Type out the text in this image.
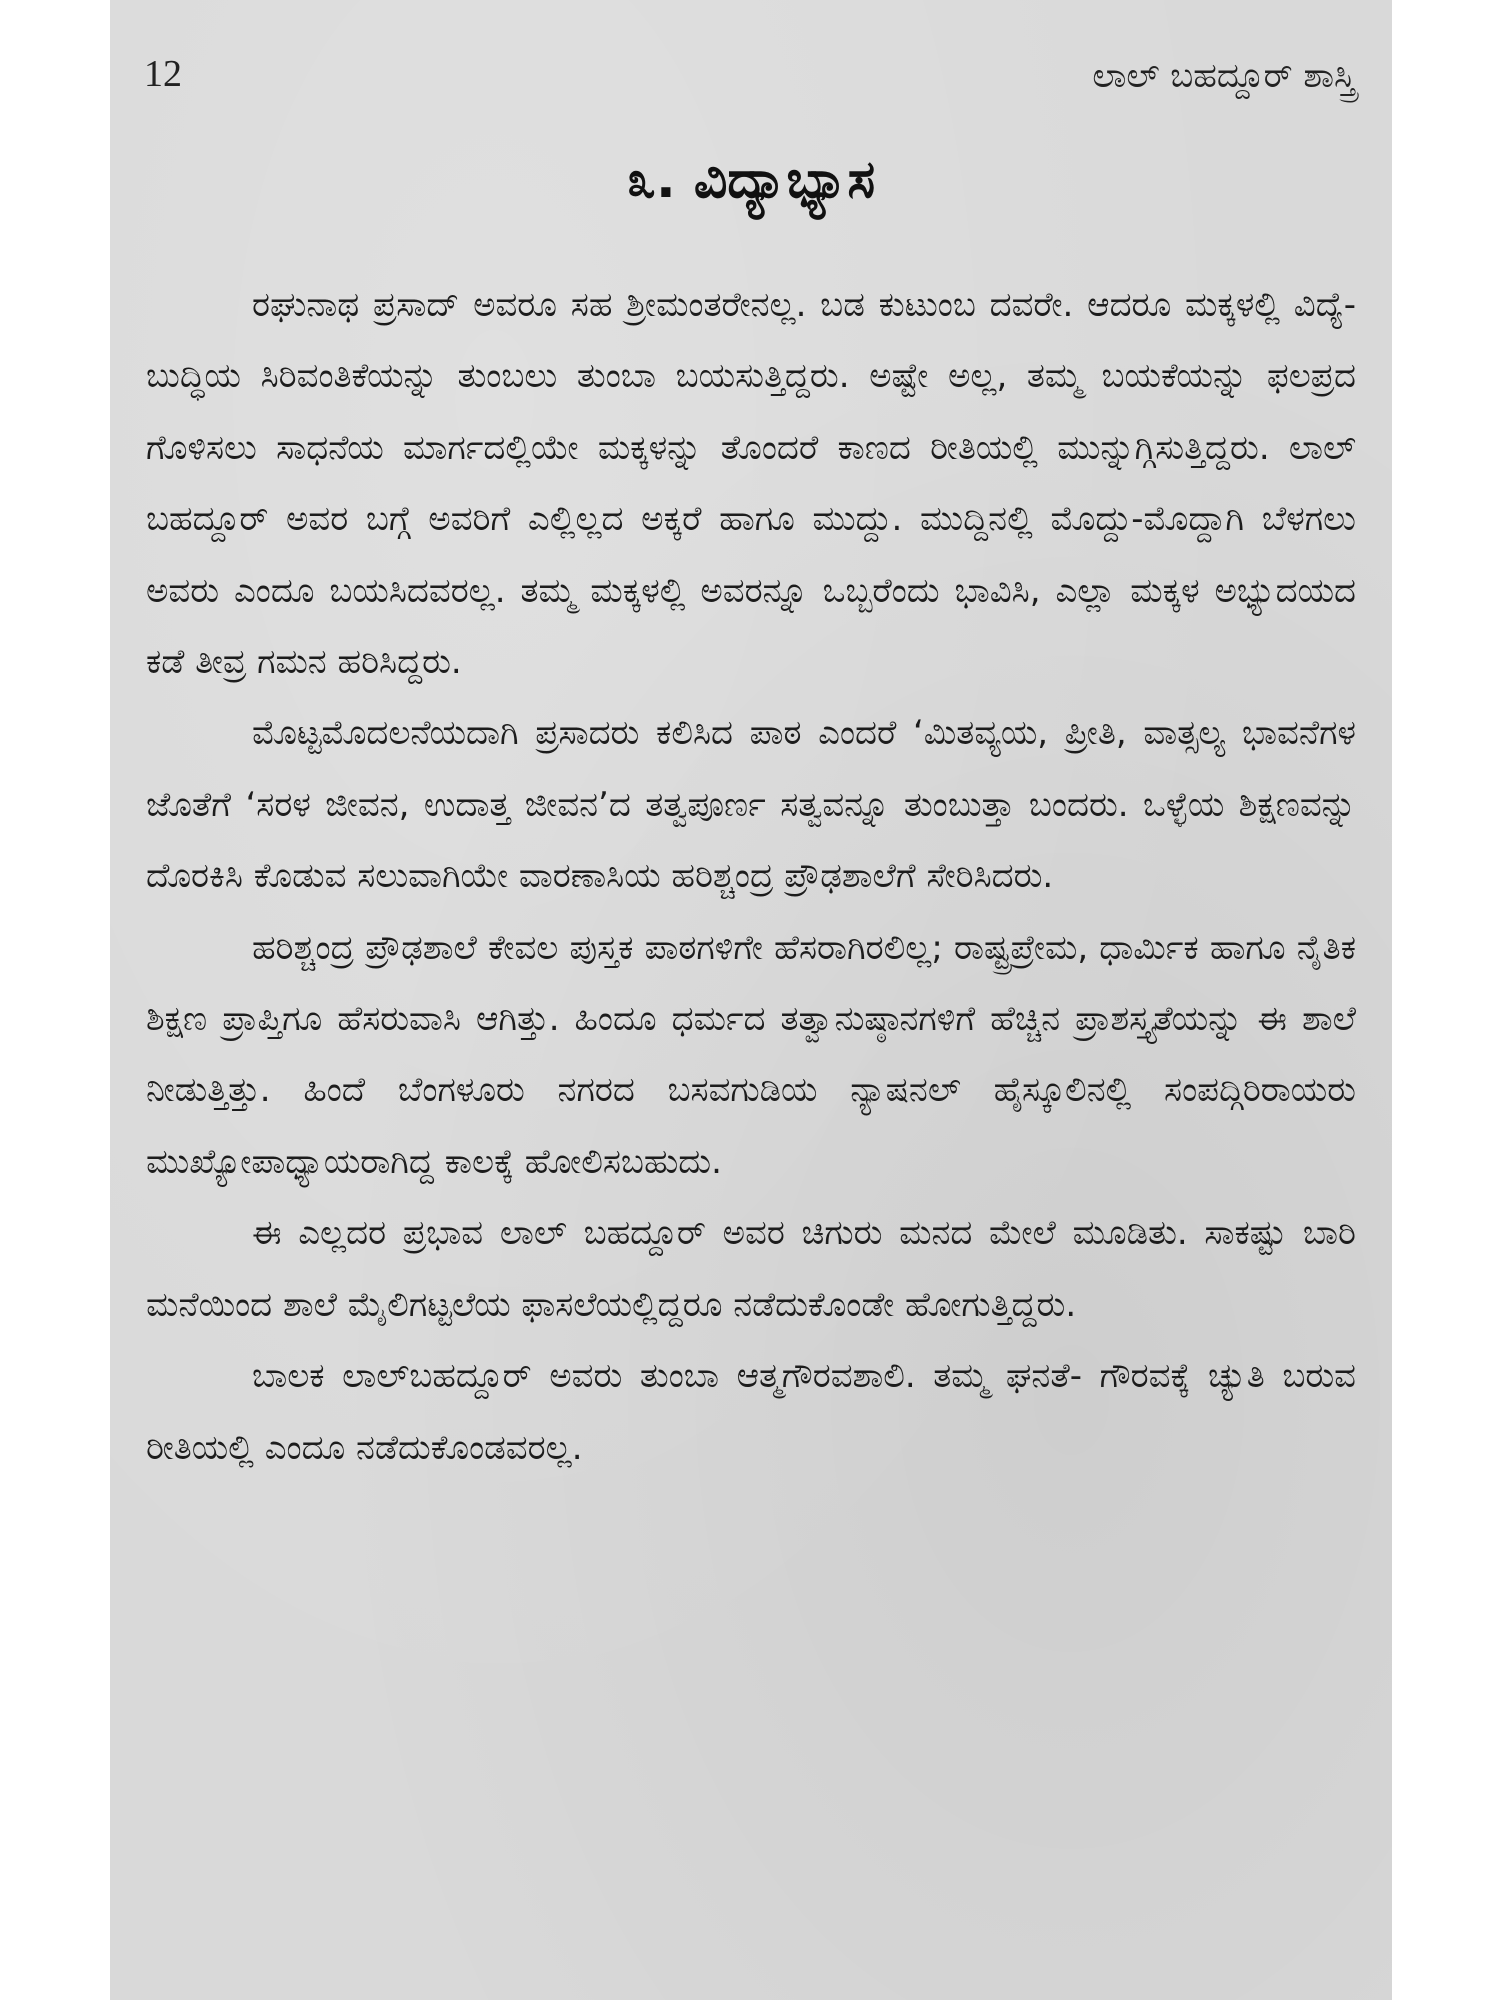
12	ಲಾಲ್ ಬಹದ್ದೂರ್ ಶಾಸ್ತ್ರಿ
೩. ವಿದ್ಯಾಭ್ಯಾಸ

ರಘುನಾಥ ಪ್ರಸಾದ್ ಅವರೂ ಸಹ ಶ್ರೀಮಂತರೇನಲ್ಲ. ಬಡ ಕುಟುಂಬ ದವರೇ. ಆದರೂ ಮಕ್ಕಳಲ್ಲಿ ವಿದ್ಯೆ-ಬುದ್ಧಿಯ ಸಿರಿವಂತಿಕೆಯನ್ನು ತುಂಬಲು ತುಂಬಾ ಬಯಸುತ್ತಿದ್ದರು. ಅಷ್ಟೇ ಅಲ್ಲ, ತಮ್ಮ ಬಯಕೆಯನ್ನು ಫಲಪ್ರದ ಗೊಳಿಸಲು ಸಾಧನೆಯ ಮಾರ್ಗದಲ್ಲಿಯೇ ಮಕ್ಕಳನ್ನು ತೊಂದರೆ ಕಾಣದ ರೀತಿಯಲ್ಲಿ ಮುನ್ನುಗ್ಗಿಸುತ್ತಿದ್ದರು. ಲಾಲ್ ಬಹದ್ದೂರ್ ಅವರ ಬಗ್ಗೆ ಅವರಿಗೆ ಎಲ್ಲಿಲ್ಲದ ಅಕ್ಕರೆ ಹಾಗೂ ಮುದ್ದು. ಮುದ್ದಿನಲ್ಲಿ ಮೊದ್ದು-ಮೊದ್ದಾಗಿ ಬೆಳಗಲು ಅವರು ಎಂದೂ ಬಯಸಿದವರಲ್ಲ. ತಮ್ಮ ಮಕ್ಕಳಲ್ಲಿ ಅವರನ್ನೂ ಒಬ್ಬರೆಂದು ಭಾವಿಸಿ, ಎಲ್ಲಾ ಮಕ್ಕಳ ಅಭ್ಯುದಯದ ಕಡೆ ತೀವ್ರ ಗಮನ ಹರಿಸಿದ್ದರು.

ಮೊಟ್ಟಮೊದಲನೆಯದಾಗಿ ಪ್ರಸಾದರು ಕಲಿಸಿದ ಪಾಠ ಎಂದರೆ ‘ಮಿತವ್ಯಯ, ಪ್ರೀತಿ, ವಾತ್ಸಲ್ಯ ಭಾವನೆಗಳ ಜೊತೆಗೆ ‘ಸರಳ ಜೀವನ, ಉದಾತ್ತ ಜೀವನ’ದ ತತ್ವಪೂರ್ಣ ಸತ್ವವನ್ನೂ ತುಂಬುತ್ತಾ ಬಂದರು. ಒಳ್ಳೆಯ ಶಿಕ್ಷಣವನ್ನು ದೊರಕಿಸಿ ಕೊಡುವ ಸಲುವಾಗಿಯೇ ವಾರಣಾಸಿಯ ಹರಿಶ್ಚಂದ್ರ ಪ್ರೌಢಶಾಲೆಗೆ ಸೇರಿಸಿದರು.

ಹರಿಶ್ಚಂದ್ರ ಪ್ರೌಢಶಾಲೆ ಕೇವಲ ಪುಸ್ತಕ ಪಾಠಗಳಿಗೇ ಹೆಸರಾಗಿರಲಿಲ್ಲ; ರಾಷ್ಟ್ರಪ್ರೇಮ, ಧಾರ್ಮಿಕ ಹಾಗೂ ನೈತಿಕ ಶಿಕ್ಷಣ ಪ್ರಾಪ್ತಿಗೂ ಹೆಸರುವಾಸಿ ಆಗಿತ್ತು. ಹಿಂದೂ ಧರ್ಮದ ತತ್ವಾನುಷ್ಠಾನಗಳಿಗೆ ಹೆಚ್ಚಿನ ಪ್ರಾಶಸ್ತ್ಯತೆಯನ್ನು ಈ ಶಾಲೆ ನೀಡುತ್ತಿತ್ತು. ಹಿಂದೆ ಬೆಂಗಳೂರು ನಗರದ ಬಸವಗುಡಿಯ ನ್ಯಾಷನಲ್ ಹೈಸ್ಕೂಲಿನಲ್ಲಿ ಸಂಪದ್ಗಿರಿರಾಯರು ಮುಖ್ಯೋಪಾಧ್ಯಾಯರಾಗಿದ್ದ ಕಾಲಕ್ಕೆ ಹೋಲಿಸಬಹುದು.

ಈ ಎಲ್ಲದರ ಪ್ರಭಾವ ಲಾಲ್ ಬಹದ್ದೂರ್ ಅವರ ಚಿಗುರು ಮನದ ಮೇಲೆ ಮೂಡಿತು. ಸಾಕಷ್ಟು ಬಾರಿ ಮನೆಯಿಂದ ಶಾಲೆ ಮೈಲಿಗಟ್ಟಲೆಯ ಫಾಸಲೆಯಲ್ಲಿದ್ದರೂ ನಡೆದುಕೊಂಡೇ ಹೋಗುತ್ತಿದ್ದರು.

ಬಾಲಕ ಲಾಲ್‌ಬಹದ್ದೂರ್ ಅವರು ತುಂಬಾ ಆತ್ಮಗೌರವಶಾಲಿ. ತಮ್ಮ ಘನತೆ- ಗೌರವಕ್ಕೆ ಚ್ಯುತಿ ಬರುವ ರೀತಿಯಲ್ಲಿ ಎಂದೂ ನಡೆದುಕೊಂಡವರಲ್ಲ.
